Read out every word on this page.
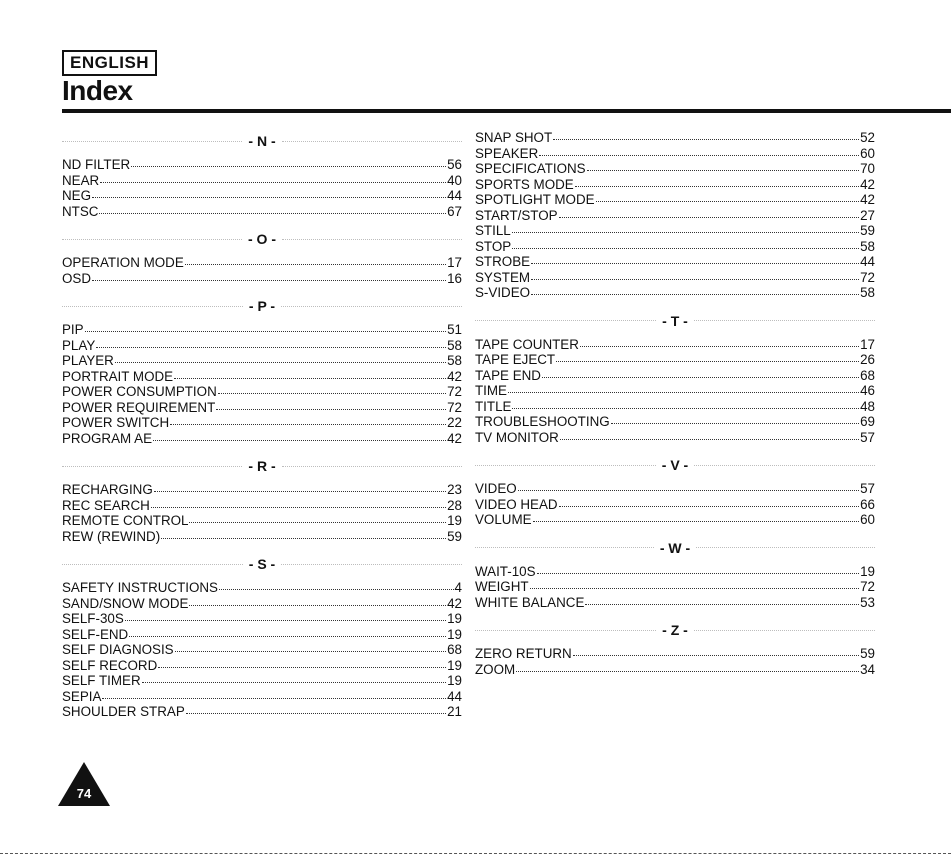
ENGLISH
Index
- N -
ND FILTER	56
NEAR	40
NEG	44
NTSC	67
- O -
OPERATION MODE	17
OSD	16
- P -
PIP	51
PLAY	58
PLAYER	58
PORTRAIT MODE	42
POWER CONSUMPTION	72
POWER REQUIREMENT	72
POWER SWITCH	22
PROGRAM AE	42
- R -
RECHARGING	23
REC SEARCH	28
REMOTE CONTROL	19
REW (REWIND)	59
- S -
SAFETY INSTRUCTIONS	4
SAND/SNOW MODE	42
SELF-30S	19
SELF-END	19
SELF DIAGNOSIS	68
SELF RECORD	19
SELF TIMER	19
SEPIA	44
SHOULDER STRAP	21
SNAP SHOT	52
SPEAKER	60
SPECIFICATIONS	70
SPORTS MODE	42
SPOTLIGHT MODE	42
START/STOP	27
STILL	59
STOP	58
STROBE	44
SYSTEM	72
S-VIDEO	58
- T -
TAPE COUNTER	17
TAPE EJECT	26
TAPE END	68
TIME	46
TITLE	48
TROUBLESHOOTING	69
TV MONITOR	57
- V -
VIDEO	57
VIDEO HEAD	66
VOLUME	60
- W -
WAIT-10S	19
WEIGHT	72
WHITE BALANCE	53
- Z -
ZERO RETURN	59
ZOOM	34
74
